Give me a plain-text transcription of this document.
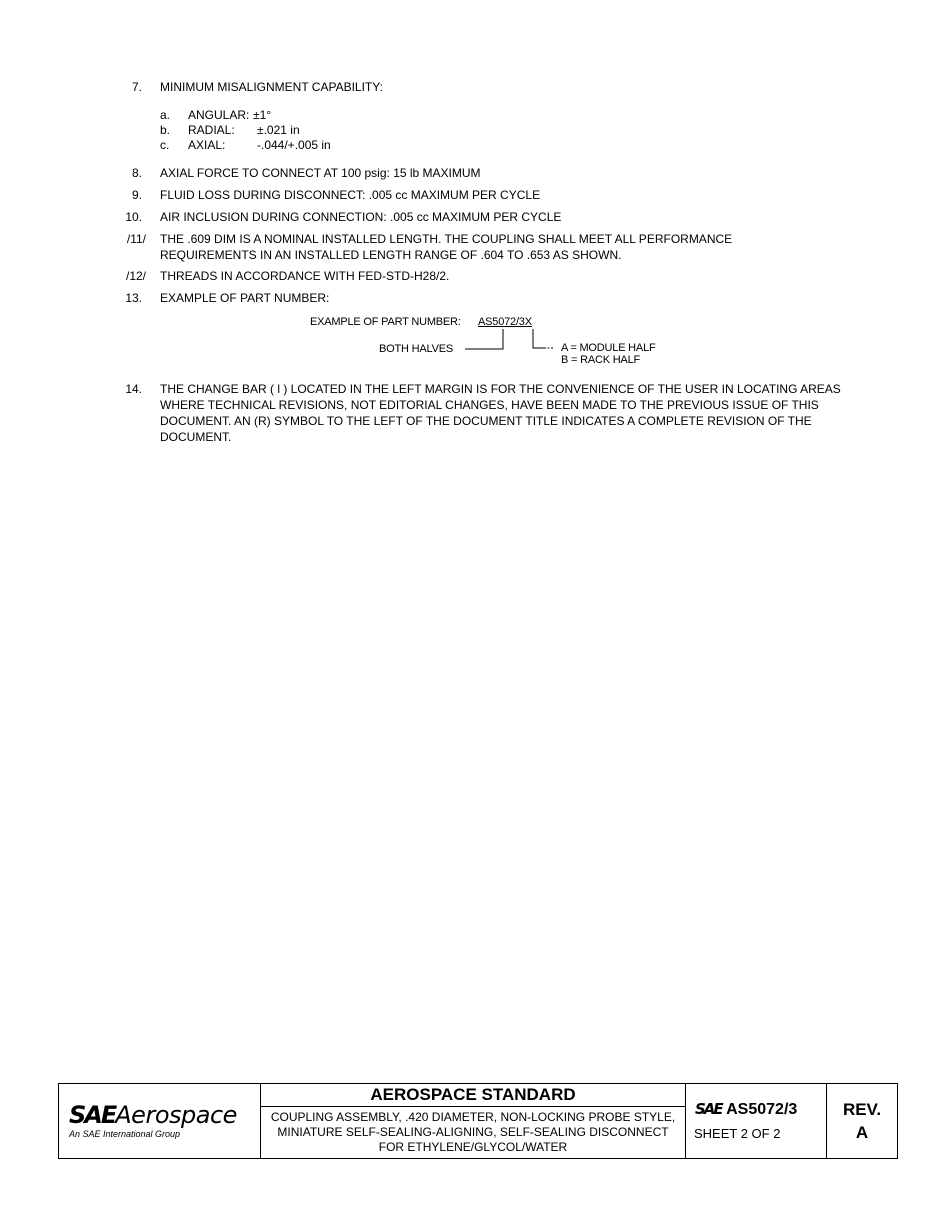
7. MINIMUM MISALIGNMENT CAPABILITY:
a. ANGULAR: ±1°
b. RADIAL: ±.021 in
c. AXIAL:	-.044/+.005 in
8. AXIAL FORCE TO CONNECT AT 100 psig: 15 lb MAXIMUM
9. FLUID LOSS DURING DISCONNECT: .005 cc MAXIMUM PER CYCLE
10. AIR INCLUSION DURING CONNECTION: .005 cc MAXIMUM PER CYCLE
/11/ THE .609 DIM IS A NOMINAL INSTALLED LENGTH. THE COUPLING SHALL MEET ALL PERFORMANCE REQUIREMENTS IN AN INSTALLED LENGTH RANGE OF .604 TO .653 AS SHOWN.
/12/ THREADS IN ACCORDANCE WITH FED-STD-H28/2.
13. EXAMPLE OF PART NUMBER:
EXAMPLE OF PART NUMBER: AS5072/3X
BOTH HALVES	A = MODULE HALF
B = RACK HALF
14. THE CHANGE BAR ( l ) LOCATED IN THE LEFT MARGIN IS FOR THE CONVENIENCE OF THE USER IN LOCATING AREAS WHERE TECHNICAL REVISIONS, NOT EDITORIAL CHANGES, HAVE BEEN MADE TO THE PREVIOUS ISSUE OF THIS DOCUMENT. AN (R) SYMBOL TO THE LEFT OF THE DOCUMENT TITLE INDICATES A COMPLETE REVISION OF THE DOCUMENT.
SAEAerospace
An SAE International Group
AEROSPACE STANDARD
COUPLING ASSEMBLY, .420 DIAMETER, NON-LOCKING PROBE STYLE, MINIATURE SELF-SEALING-ALIGNING, SELF-SEALING DISCONNECT FOR ETHYLENE/GLYCOL/WATER
SAE AS5072/3
SHEET 2 OF 2
REV.
A
